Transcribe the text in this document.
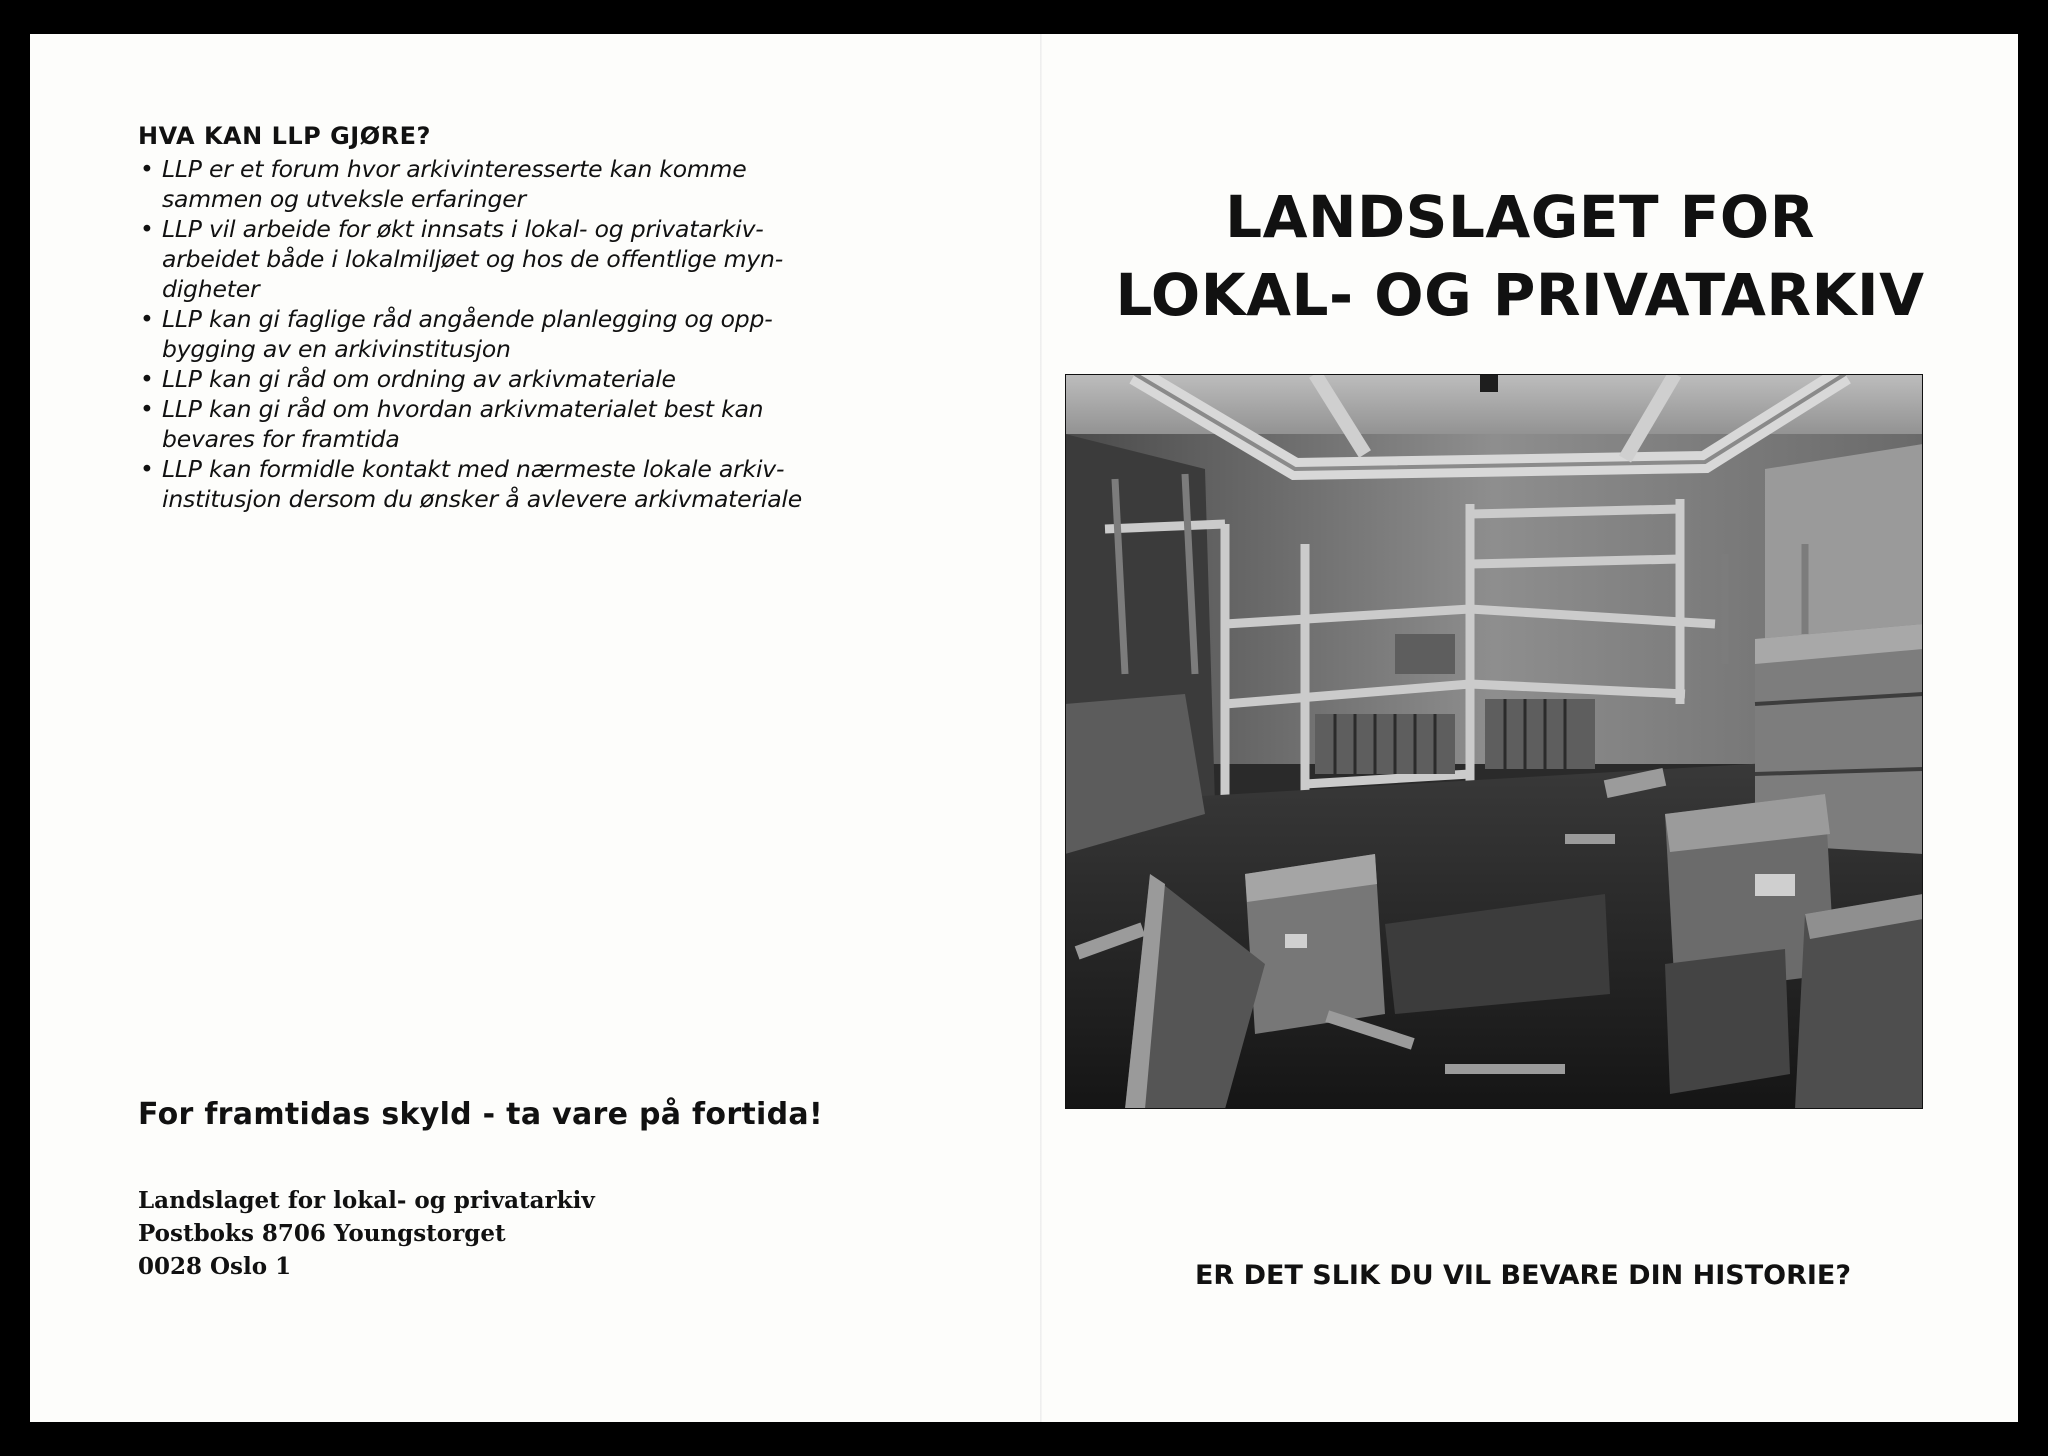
HVA KAN LLP GJØRE?
• LLP er et forum hvor arkivinteresserte kan komme
sammen og utveksle erfaringer
• LLP vil arbeide for økt innsats i lokal- og privatarkiv-
arbeidet både i lokalmiljøet og hos de offentlige myn-
digheter
• LLP kan gi faglige råd angående planlegging og opp-
bygging av en arkivinstitusjon
• LLP kan gi råd om ordning av arkivmateriale
• LLP kan gi råd om hvordan arkivmaterialet best kan
bevares for framtida
• LLP kan formidle kontakt med nærmeste lokale arkiv-
institusjon dersom du ønsker å avlevere arkivmateriale
For framtidas skyld - ta vare på fortida!
Landslaget for lokal- og privatarkiv
Postboks 8706 Youngstorget
0028 Oslo 1
LANDSLAGET FOR
LOKAL- OG PRIVATARKIV
ER DET SLIK DU VIL BEVARE DIN HISTORIE?
